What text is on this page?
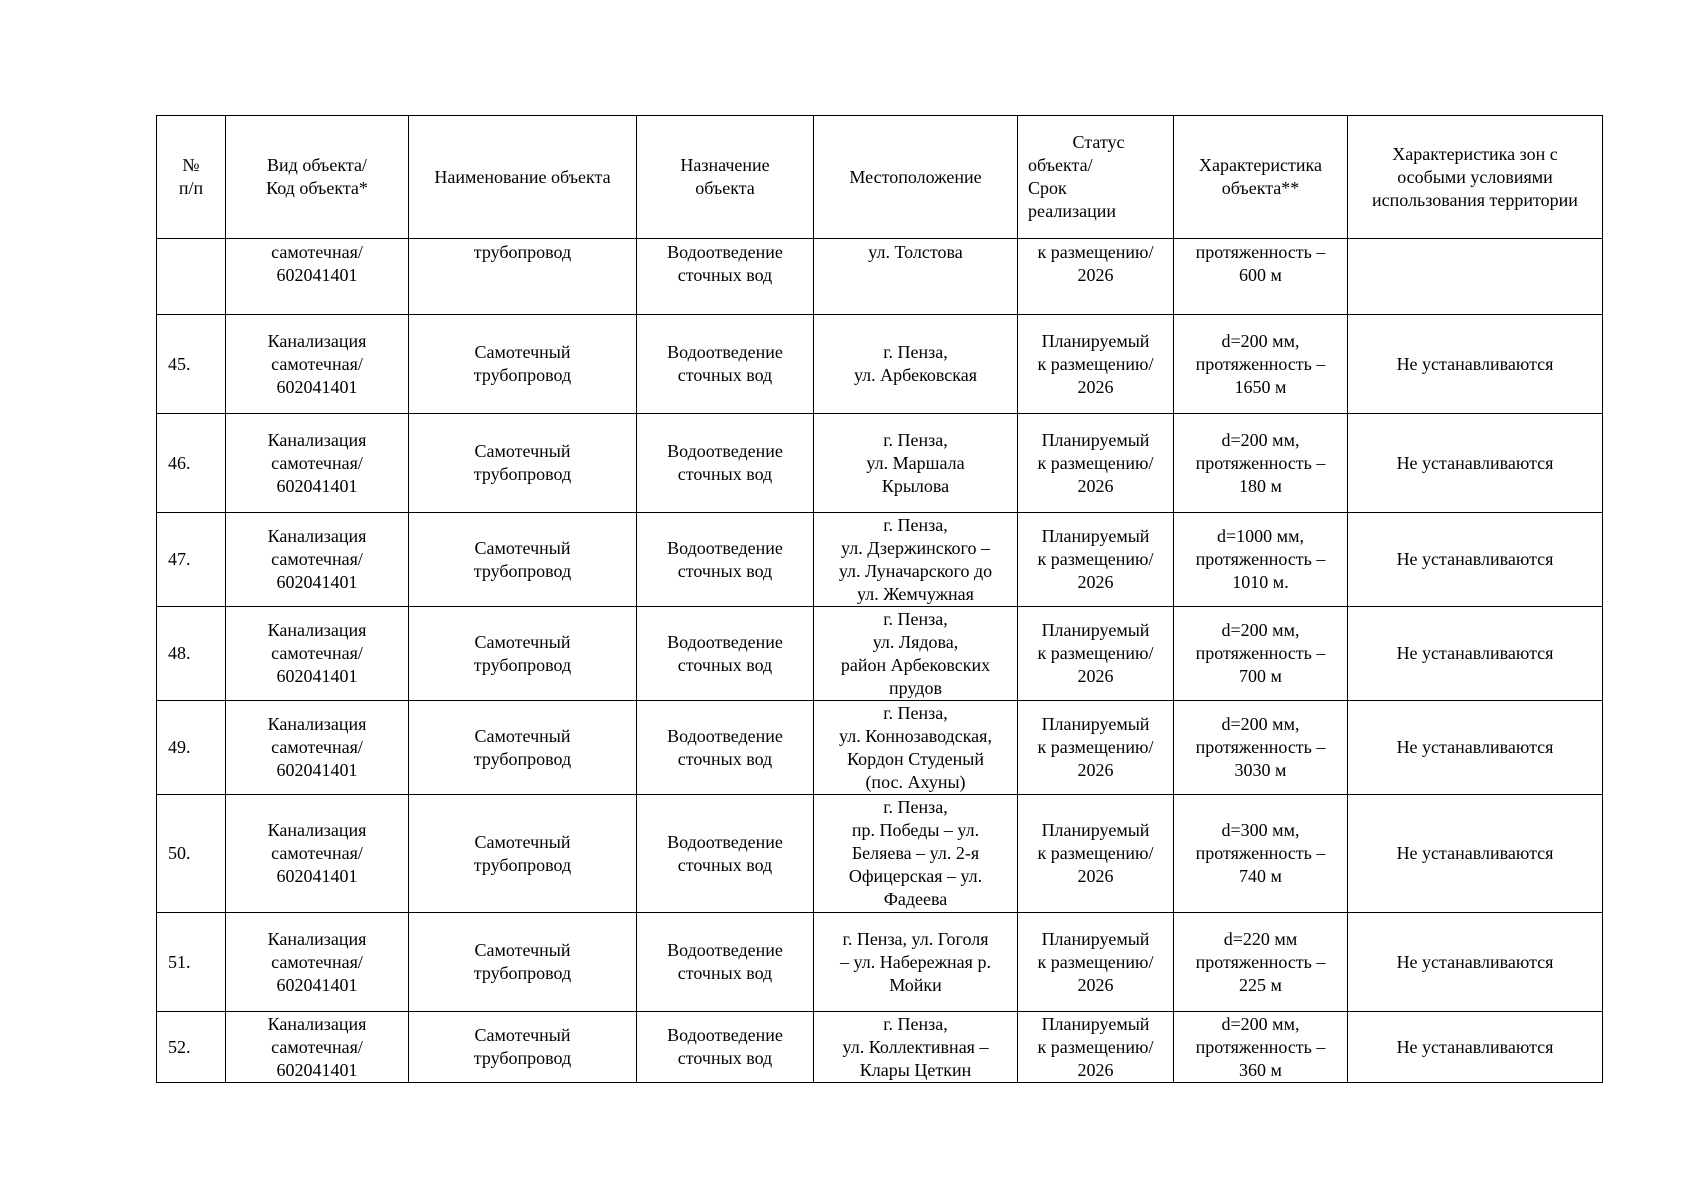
№
п/п	Вид объекта/
Код объекта*	Наименование объекта	Назначение
объекта	Местоположение	Статус
объекта/
Срок
реализации	Характеристика
объекта**	Характеристика зон с
особыми условиями
использования территории

	самотечная/
602041401	трубопровод	Водоотведение
сточных вод	ул. Толстова	к размещению/
2026	протяженность –
600 м	

45.	Канализация
самотечная/
602041401	Самотечный
трубопровод	Водоотведение
сточных вод	г. Пенза,
ул. Арбековская	Планируемый
к размещению/
2026	d=200 мм,
протяженность –
1650 м	Не устанавливаются

46.	Канализация
самотечная/
602041401	Самотечный
трубопровод	Водоотведение
сточных вод	г. Пенза,
ул. Маршала
Крылова	Планируемый
к размещению/
2026	d=200 мм,
протяженность –
180 м	Не устанавливаются

47.	Канализация
самотечная/
602041401	Самотечный
трубопровод	Водоотведение
сточных вод	г. Пенза,
ул. Дзержинского –
ул. Луначарского до
ул. Жемчужная	Планируемый
к размещению/
2026	d=1000 мм,
протяженность –
1010 м.	Не устанавливаются

48.	Канализация
самотечная/
602041401	Самотечный
трубопровод	Водоотведение
сточных вод	г. Пенза,
ул. Лядова,
район Арбековских
прудов	Планируемый
к размещению/
2026	d=200 мм,
протяженность –
700 м	Не устанавливаются

49.	Канализация
самотечная/
602041401	Самотечный
трубопровод	Водоотведение
сточных вод	г. Пенза,
ул. Коннозаводская,
Кордон Студеный
(пос. Ахуны)	Планируемый
к размещению/
2026	d=200 мм,
протяженность –
3030 м	Не устанавливаются

50.	Канализация
самотечная/
602041401	Самотечный
трубопровод	Водоотведение
сточных вод	г. Пенза,
пр. Победы – ул.
Беляева – ул. 2-я
Офицерская – ул.
Фадеева	Планируемый
к размещению/
2026	d=300 мм,
протяженность –
740 м	Не устанавливаются

51.	Канализация
самотечная/
602041401	Самотечный
трубопровод	Водоотведение
сточных вод	г. Пенза, ул. Гоголя
– ул. Набережная р.
Мойки	Планируемый
к размещению/
2026	d=220 мм
протяженность –
225 м	Не устанавливаются

52.	Канализация
самотечная/
602041401	Самотечный
трубопровод	Водоотведение
сточных вод	г. Пенза,
ул. Коллективная –
Клары Цеткин	Планируемый
к размещению/
2026	d=200 мм,
протяженность –
360 м	Не устанавливаются
